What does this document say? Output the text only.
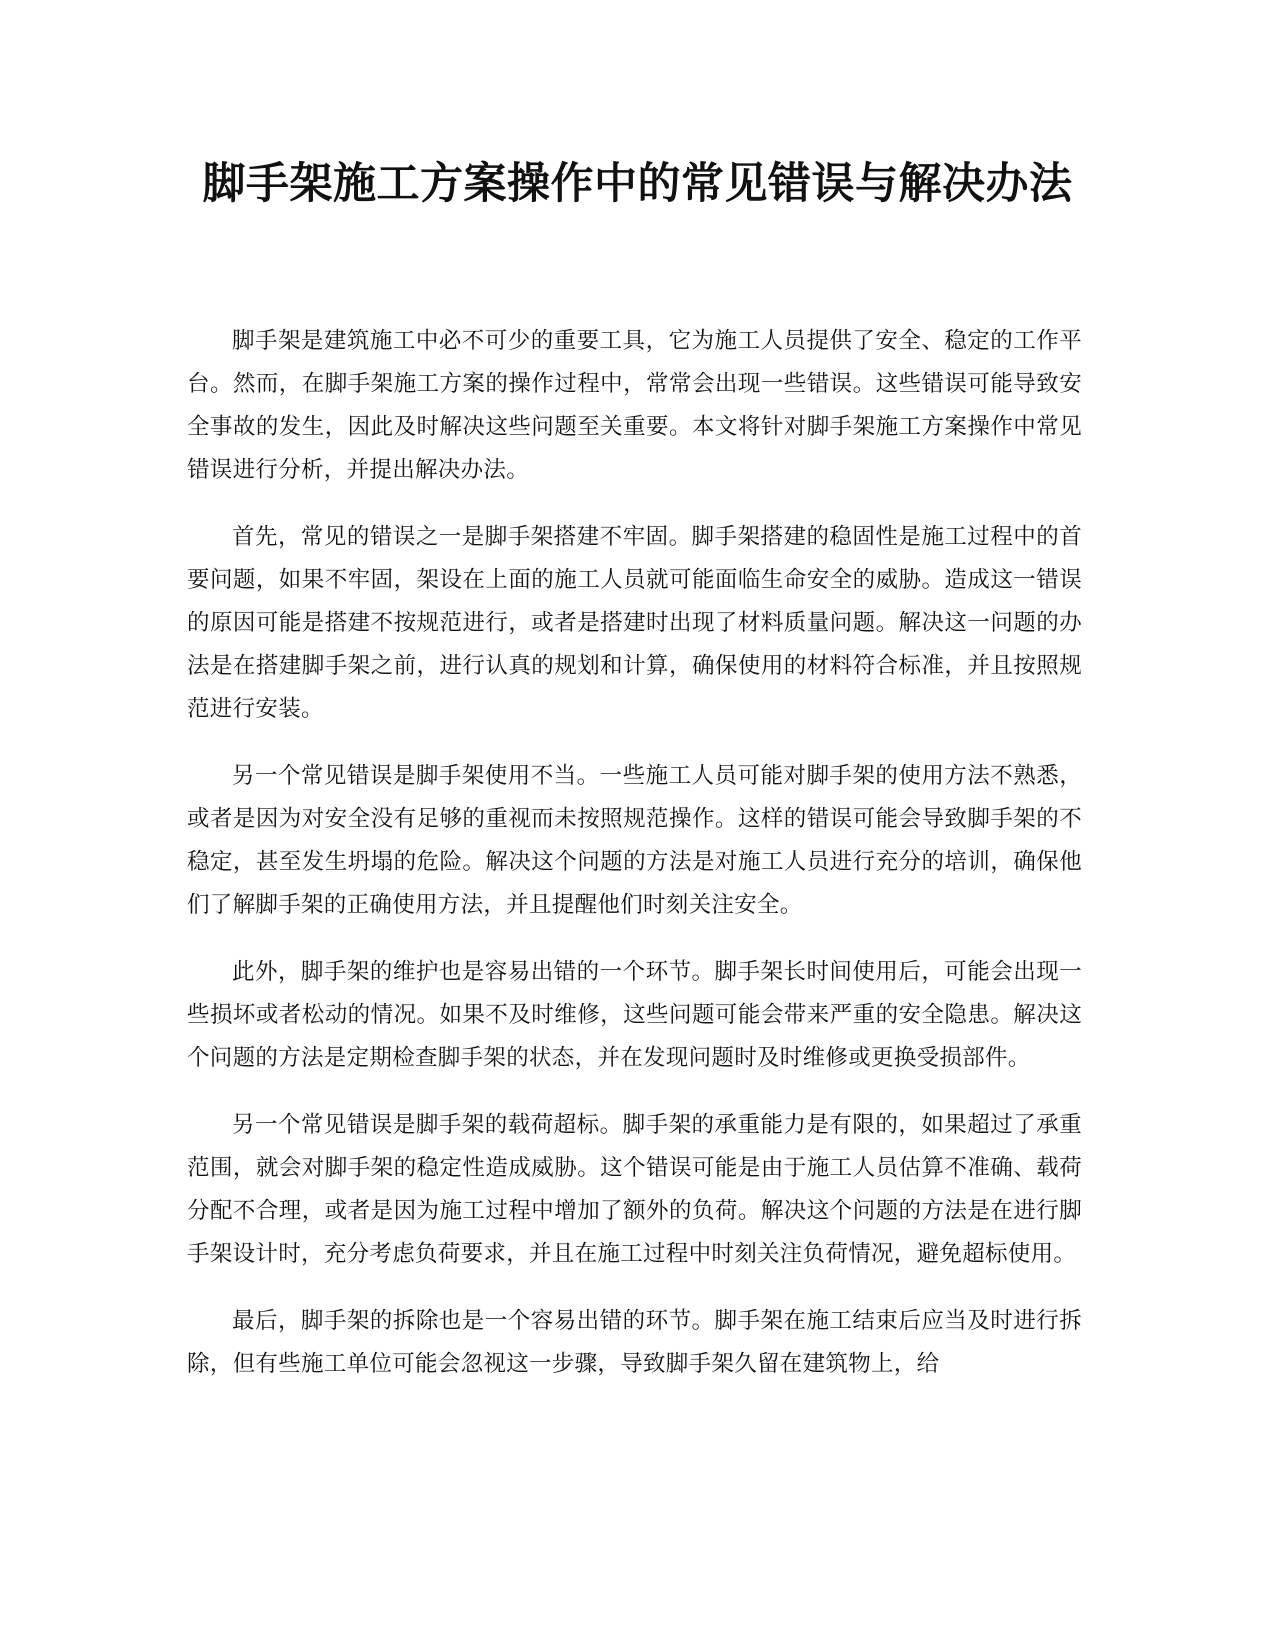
脚手架施工方案操作中的常见错误与解决办法

脚手架是建筑施工中必不可少的重要工具，它为施工人员提供了安全、稳定的工作平台。然而，在脚手架施工方案的操作过程中，常常会出现一些错误。这些错误可能导致安全事故的发生，因此及时解决这些问题至关重要。本文将针对脚手架施工方案操作中常见错误进行分析，并提出解决办法。

首先，常见的错误之一是脚手架搭建不牢固。脚手架搭建的稳固性是施工过程中的首要问题，如果不牢固，架设在上面的施工人员就可能面临生命安全的威胁。造成这一错误的原因可能是搭建不按规范进行，或者是搭建时出现了材料质量问题。解决这一问题的办法是在搭建脚手架之前，进行认真的规划和计算，确保使用的材料符合标准，并且按照规范进行安装。

另一个常见错误是脚手架使用不当。一些施工人员可能对脚手架的使用方法不熟悉，或者是因为对安全没有足够的重视而未按照规范操作。这样的错误可能会导致脚手架的不稳定，甚至发生坍塌的危险。解决这个问题的方法是对施工人员进行充分的培训，确保他们了解脚手架的正确使用方法，并且提醒他们时刻关注安全。

此外，脚手架的维护也是容易出错的一个环节。脚手架长时间使用后，可能会出现一些损坏或者松动的情况。如果不及时维修，这些问题可能会带来严重的安全隐患。解决这个问题的方法是定期检查脚手架的状态，并在发现问题时及时维修或更换受损部件。

另一个常见错误是脚手架的载荷超标。脚手架的承重能力是有限的，如果超过了承重范围，就会对脚手架的稳定性造成威胁。这个错误可能是由于施工人员估算不准确、载荷分配不合理，或者是因为施工过程中增加了额外的负荷。解决这个问题的方法是在进行脚手架设计时，充分考虑负荷要求，并且在施工过程中时刻关注负荷情况，避免超标使用。

最后，脚手架的拆除也是一个容易出错的环节。脚手架在施工结束后应当及时进行拆除，但有些施工单位可能会忽视这一步骤，导致脚手架久留在建筑物上，给
